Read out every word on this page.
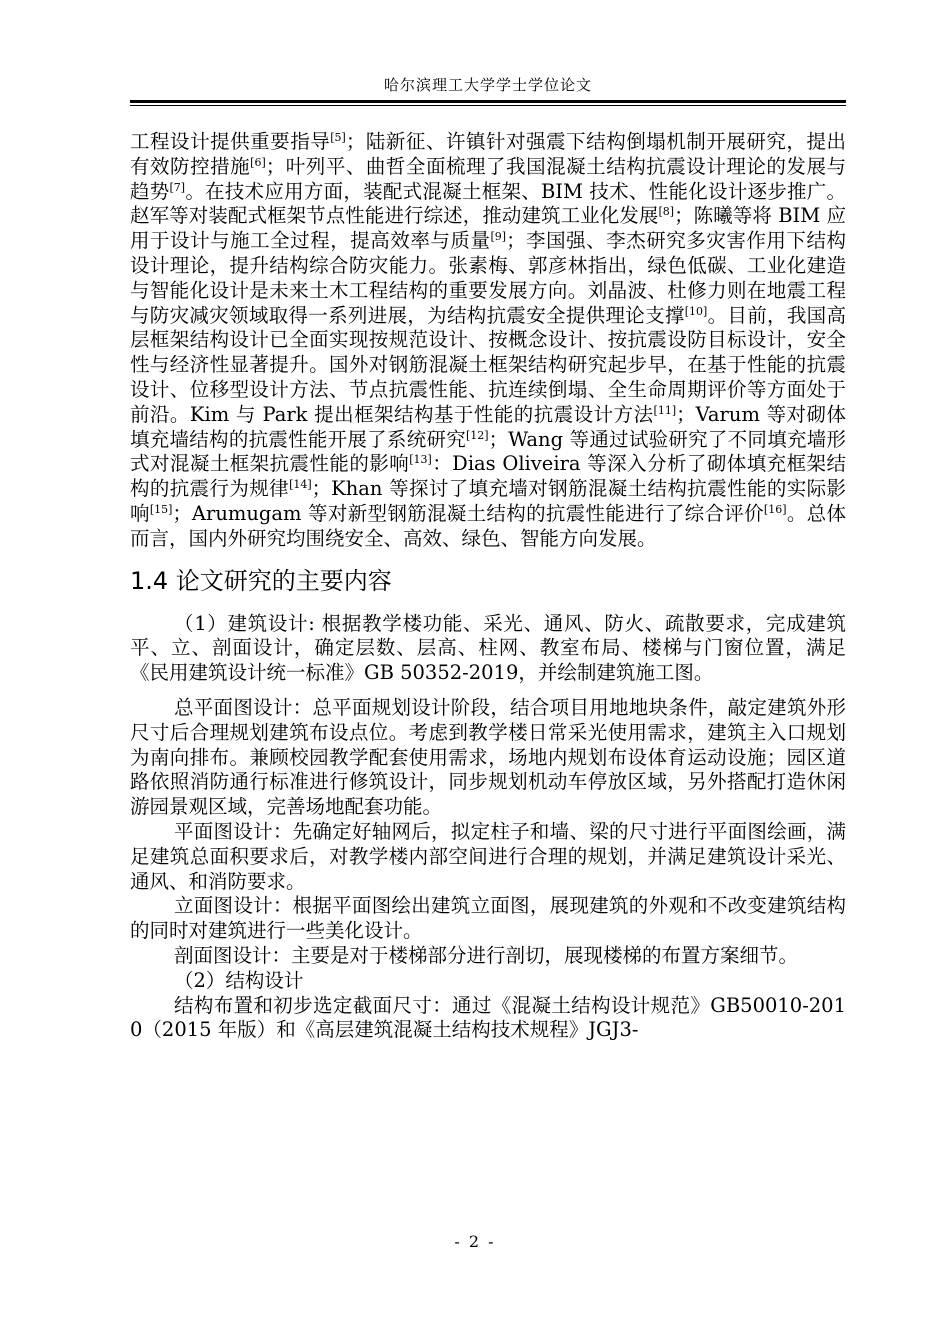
哈尔滨理工大学学士学位论文

工程设计提供重要指导[5]；陆新征、许镇针对强震下结构倒塌机制开展研究，提出有效防控措施[6]；叶列平、曲哲全面梳理了我国混凝土结构抗震设计理论的发展与趋势[7]。在技术应用方面，装配式混凝土框架、BIM 技术、性能化设计逐步推广。赵军等对装配式框架节点性能进行综述，推动建筑工业化发展[8]；陈曦等将 BIM 应用于设计与施工全过程，提高效率与质量[9]；李国强、李杰研究多灾害作用下结构设计理论，提升结构综合防灾能力。张素梅、郭彦林指出，绿色低碳、工业化建造与智能化设计是未来土木工程结构的重要发展方向。刘晶波、杜修力则在地震工程与防灾减灾领域取得一系列进展，为结构抗震安全提供理论支撑[10]。目前，我国高层框架结构设计已全面实现按规范设计、按概念设计、按抗震设防目标设计，安全性与经济性显著提升。国外对钢筋混凝土框架结构研究起步早，在基于性能的抗震设计、位移型设计方法、节点抗震性能、抗连续倒塌、全生命周期评价等方面处于前沿。Kim 与 Park 提出框架结构基于性能的抗震设计方法[11]；Varum 等对砌体填充墙结构的抗震性能开展了系统研究[12]；Wang 等通过试验研究了不同填充墙形式对混凝土框架抗震性能的影响[13]：Dias Oliveira 等深入分析了砌体填充框架结构的抗震行为规律[14]；Khan 等探讨了填充墙对钢筋混凝土结构抗震性能的实际影响[15]；Arumugam 等对新型钢筋混凝土结构的抗震性能进行了综合评价[16]。总体而言，国内外研究均围绕安全、高效、绿色、智能方向发展。

1.4 论文研究的主要内容

（1）建筑设计: 根据教学楼功能、采光、通风、防火、疏散要求，完成建筑平、立、剖面设计，确定层数、层高、柱网、教室布局、楼梯与门窗位置，满足《民用建筑设计统一标准》GB 50352-2019，并绘制建筑施工图。

总平面图设计：总平面规划设计阶段，结合项目用地地块条件，敲定建筑外形尺寸后合理规划建筑布设点位。考虑到教学楼日常采光使用需求，建筑主入口规划为南向排布。兼顾校园教学配套使用需求，场地内规划布设体育运动设施；园区道路依照消防通行标准进行修筑设计，同步规划机动车停放区域，另外搭配打造休闲游园景观区域，完善场地配套功能。

平面图设计：先确定好轴网后，拟定柱子和墙、梁的尺寸进行平面图绘画，满足建筑总面积要求后，对教学楼内部空间进行合理的规划，并满足建筑设计采光、通风、和消防要求。

立面图设计：根据平面图绘出建筑立面图，展现建筑的外观和不改变建筑结构的同时对建筑进行一些美化设计。

剖面图设计：主要是对于楼梯部分进行剖切，展现楼梯的布置方案细节。

（2）结构设计

结构布置和初步选定截面尺寸：通过《混凝土结构设计规范》GB50010-2010（2015 年版）和《高层建筑混凝土结构技术规程》JGJ3-

- 2 -
